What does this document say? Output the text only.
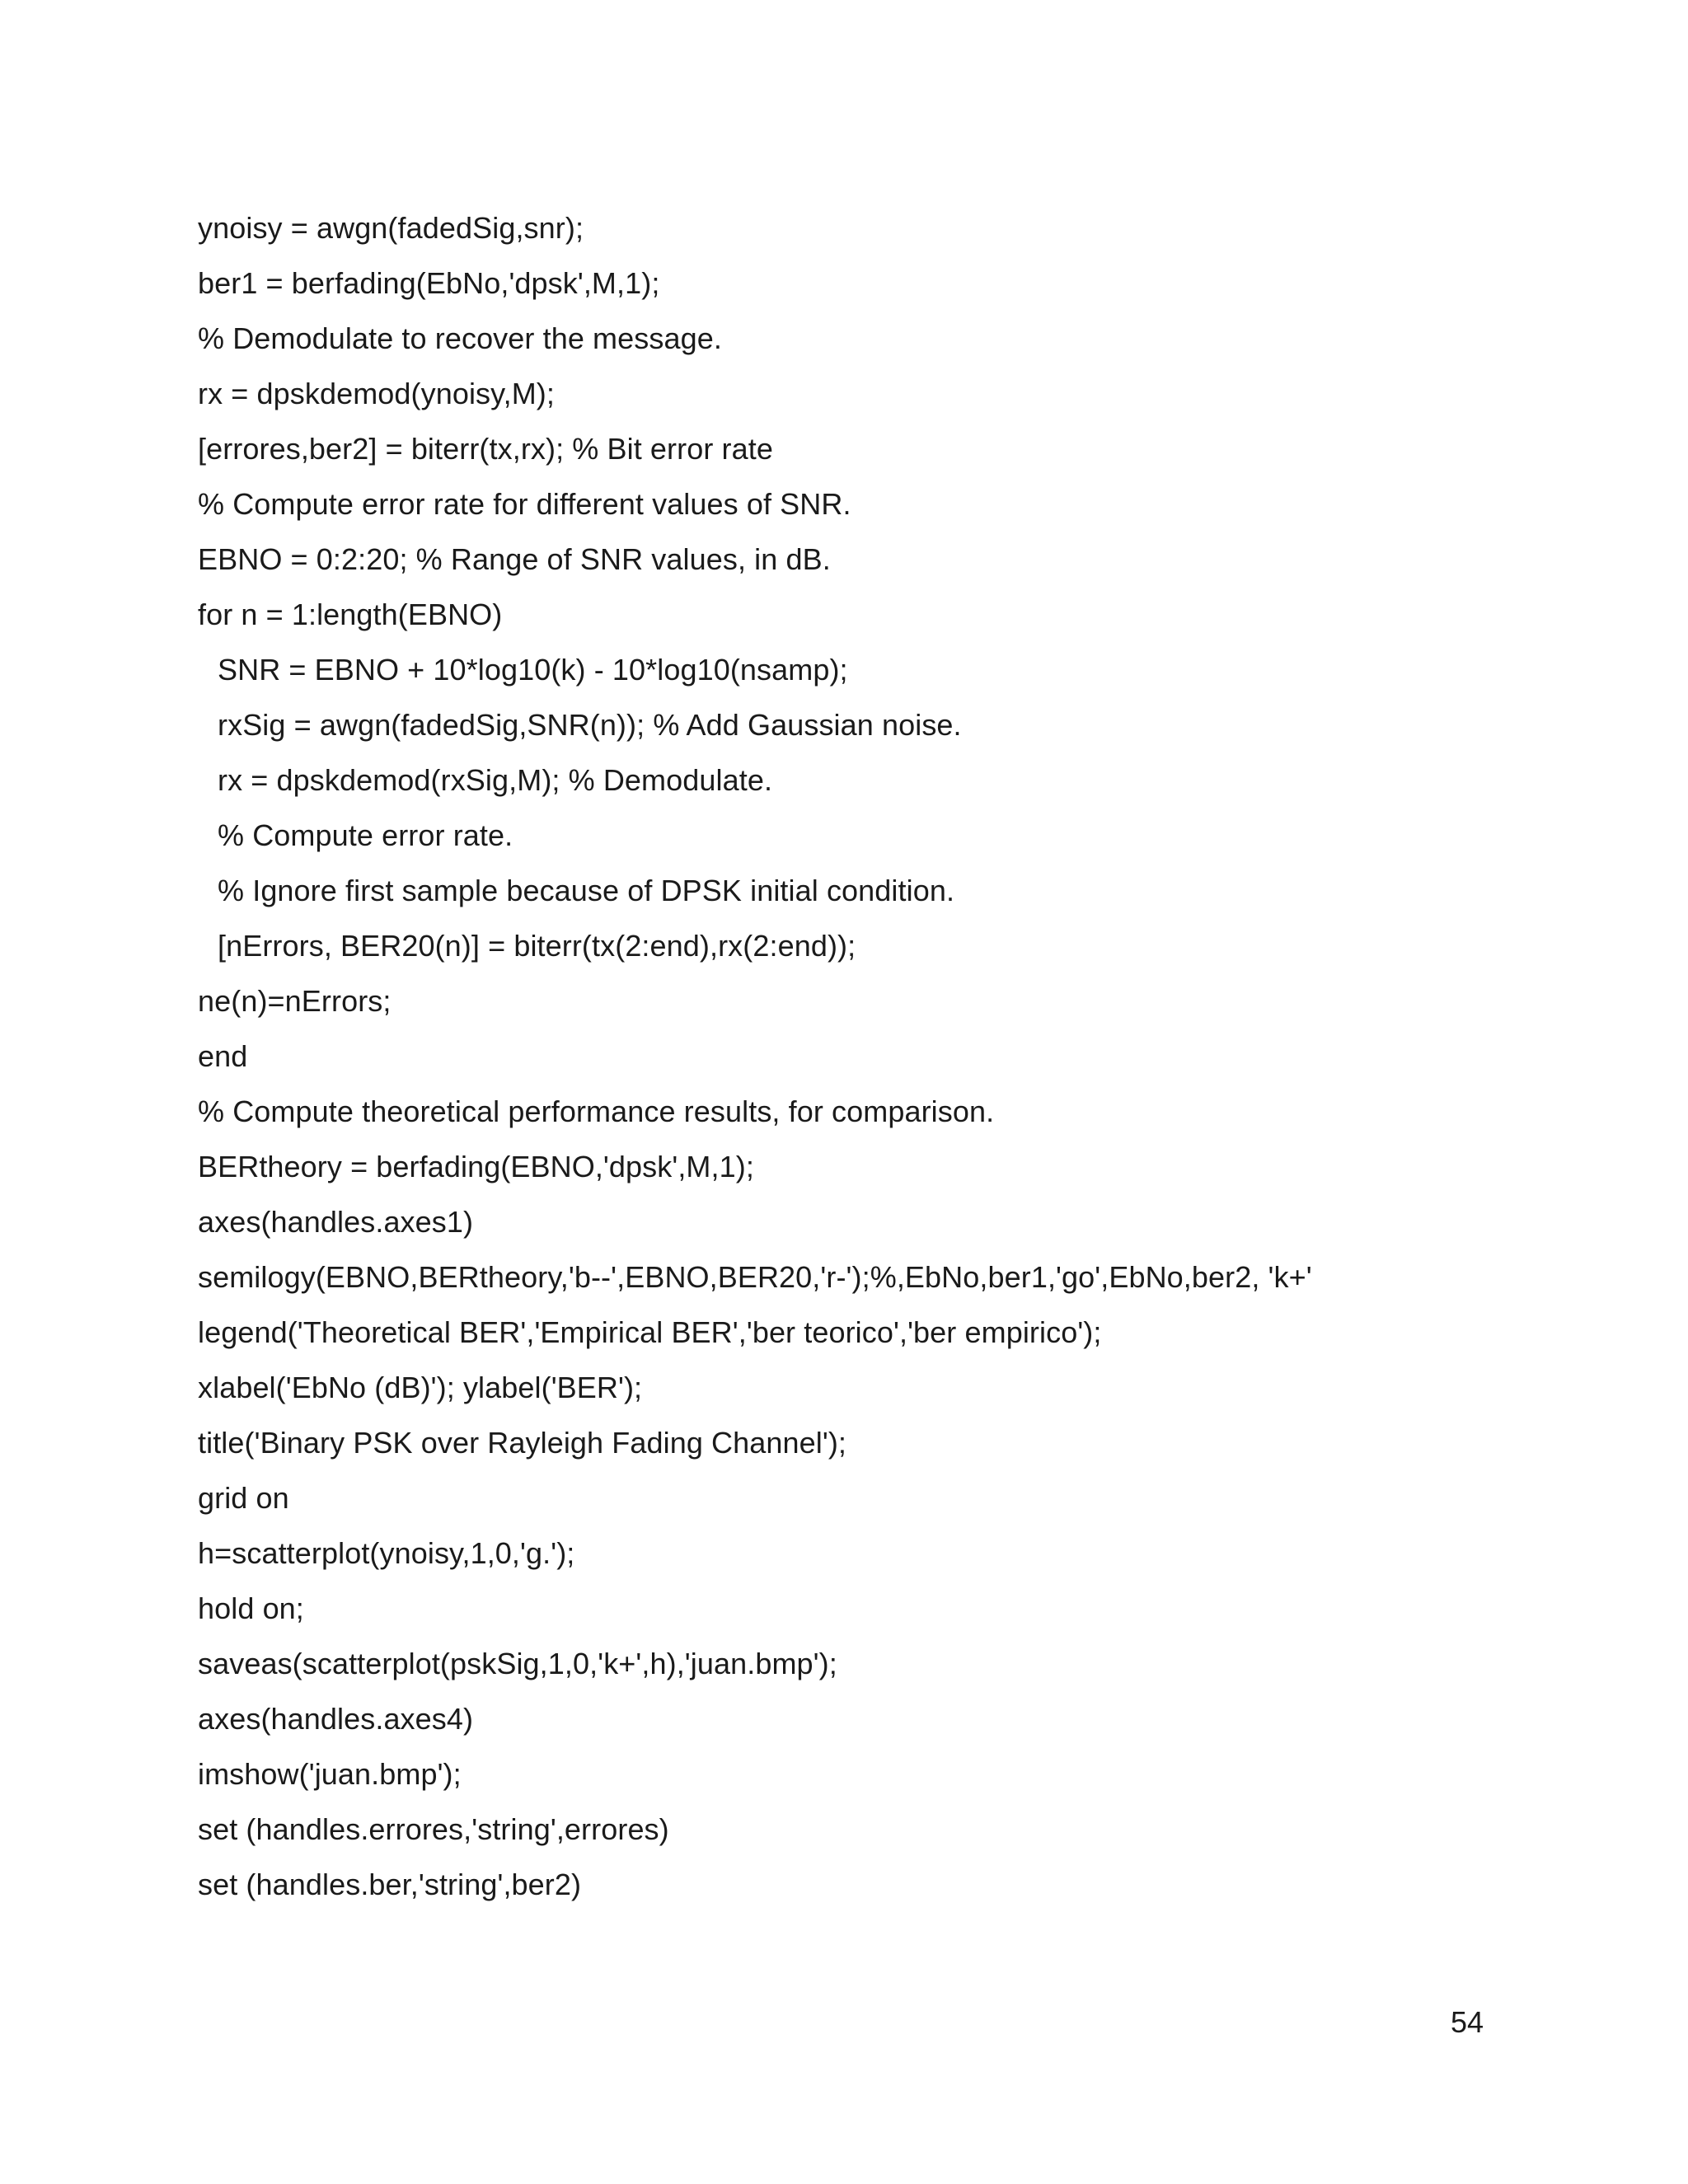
ynoisy = awgn(fadedSig,snr);
ber1 = berfading(EbNo,'dpsk',M,1);
% Demodulate to recover the message.
rx = dpskdemod(ynoisy,M);
[errores,ber2] = biterr(tx,rx); % Bit error rate
% Compute error rate for different values of SNR.
EBNO = 0:2:20; % Range of SNR values, in dB.
for n = 1:length(EBNO)
SNR = EBNO + 10*log10(k) - 10*log10(nsamp);
rxSig = awgn(fadedSig,SNR(n)); % Add Gaussian noise.
rx = dpskdemod(rxSig,M); % Demodulate.
% Compute error rate.
% Ignore first sample because of DPSK initial condition.
[nErrors, BER20(n)] = biterr(tx(2:end),rx(2:end));
ne(n)=nErrors;
end
% Compute theoretical performance results, for comparison.
BERtheory = berfading(EBNO,'dpsk',M,1);
axes(handles.axes1)
semilogy(EBNO,BERtheory,'b--',EBNO,BER20,'r-');%,EbNo,ber1,'go',EbNo,ber2, 'k+'
legend('Theoretical BER','Empirical BER','ber teorico','ber empirico');
xlabel('EbNo (dB)'); ylabel('BER');
title('Binary PSK over Rayleigh Fading Channel');
grid on
h=scatterplot(ynoisy,1,0,'g.');
hold on;
saveas(scatterplot(pskSig,1,0,'k+',h),'juan.bmp');
axes(handles.axes4)
imshow('juan.bmp');
set (handles.errores,'string',errores)
set (handles.ber,'string',ber2)
54
